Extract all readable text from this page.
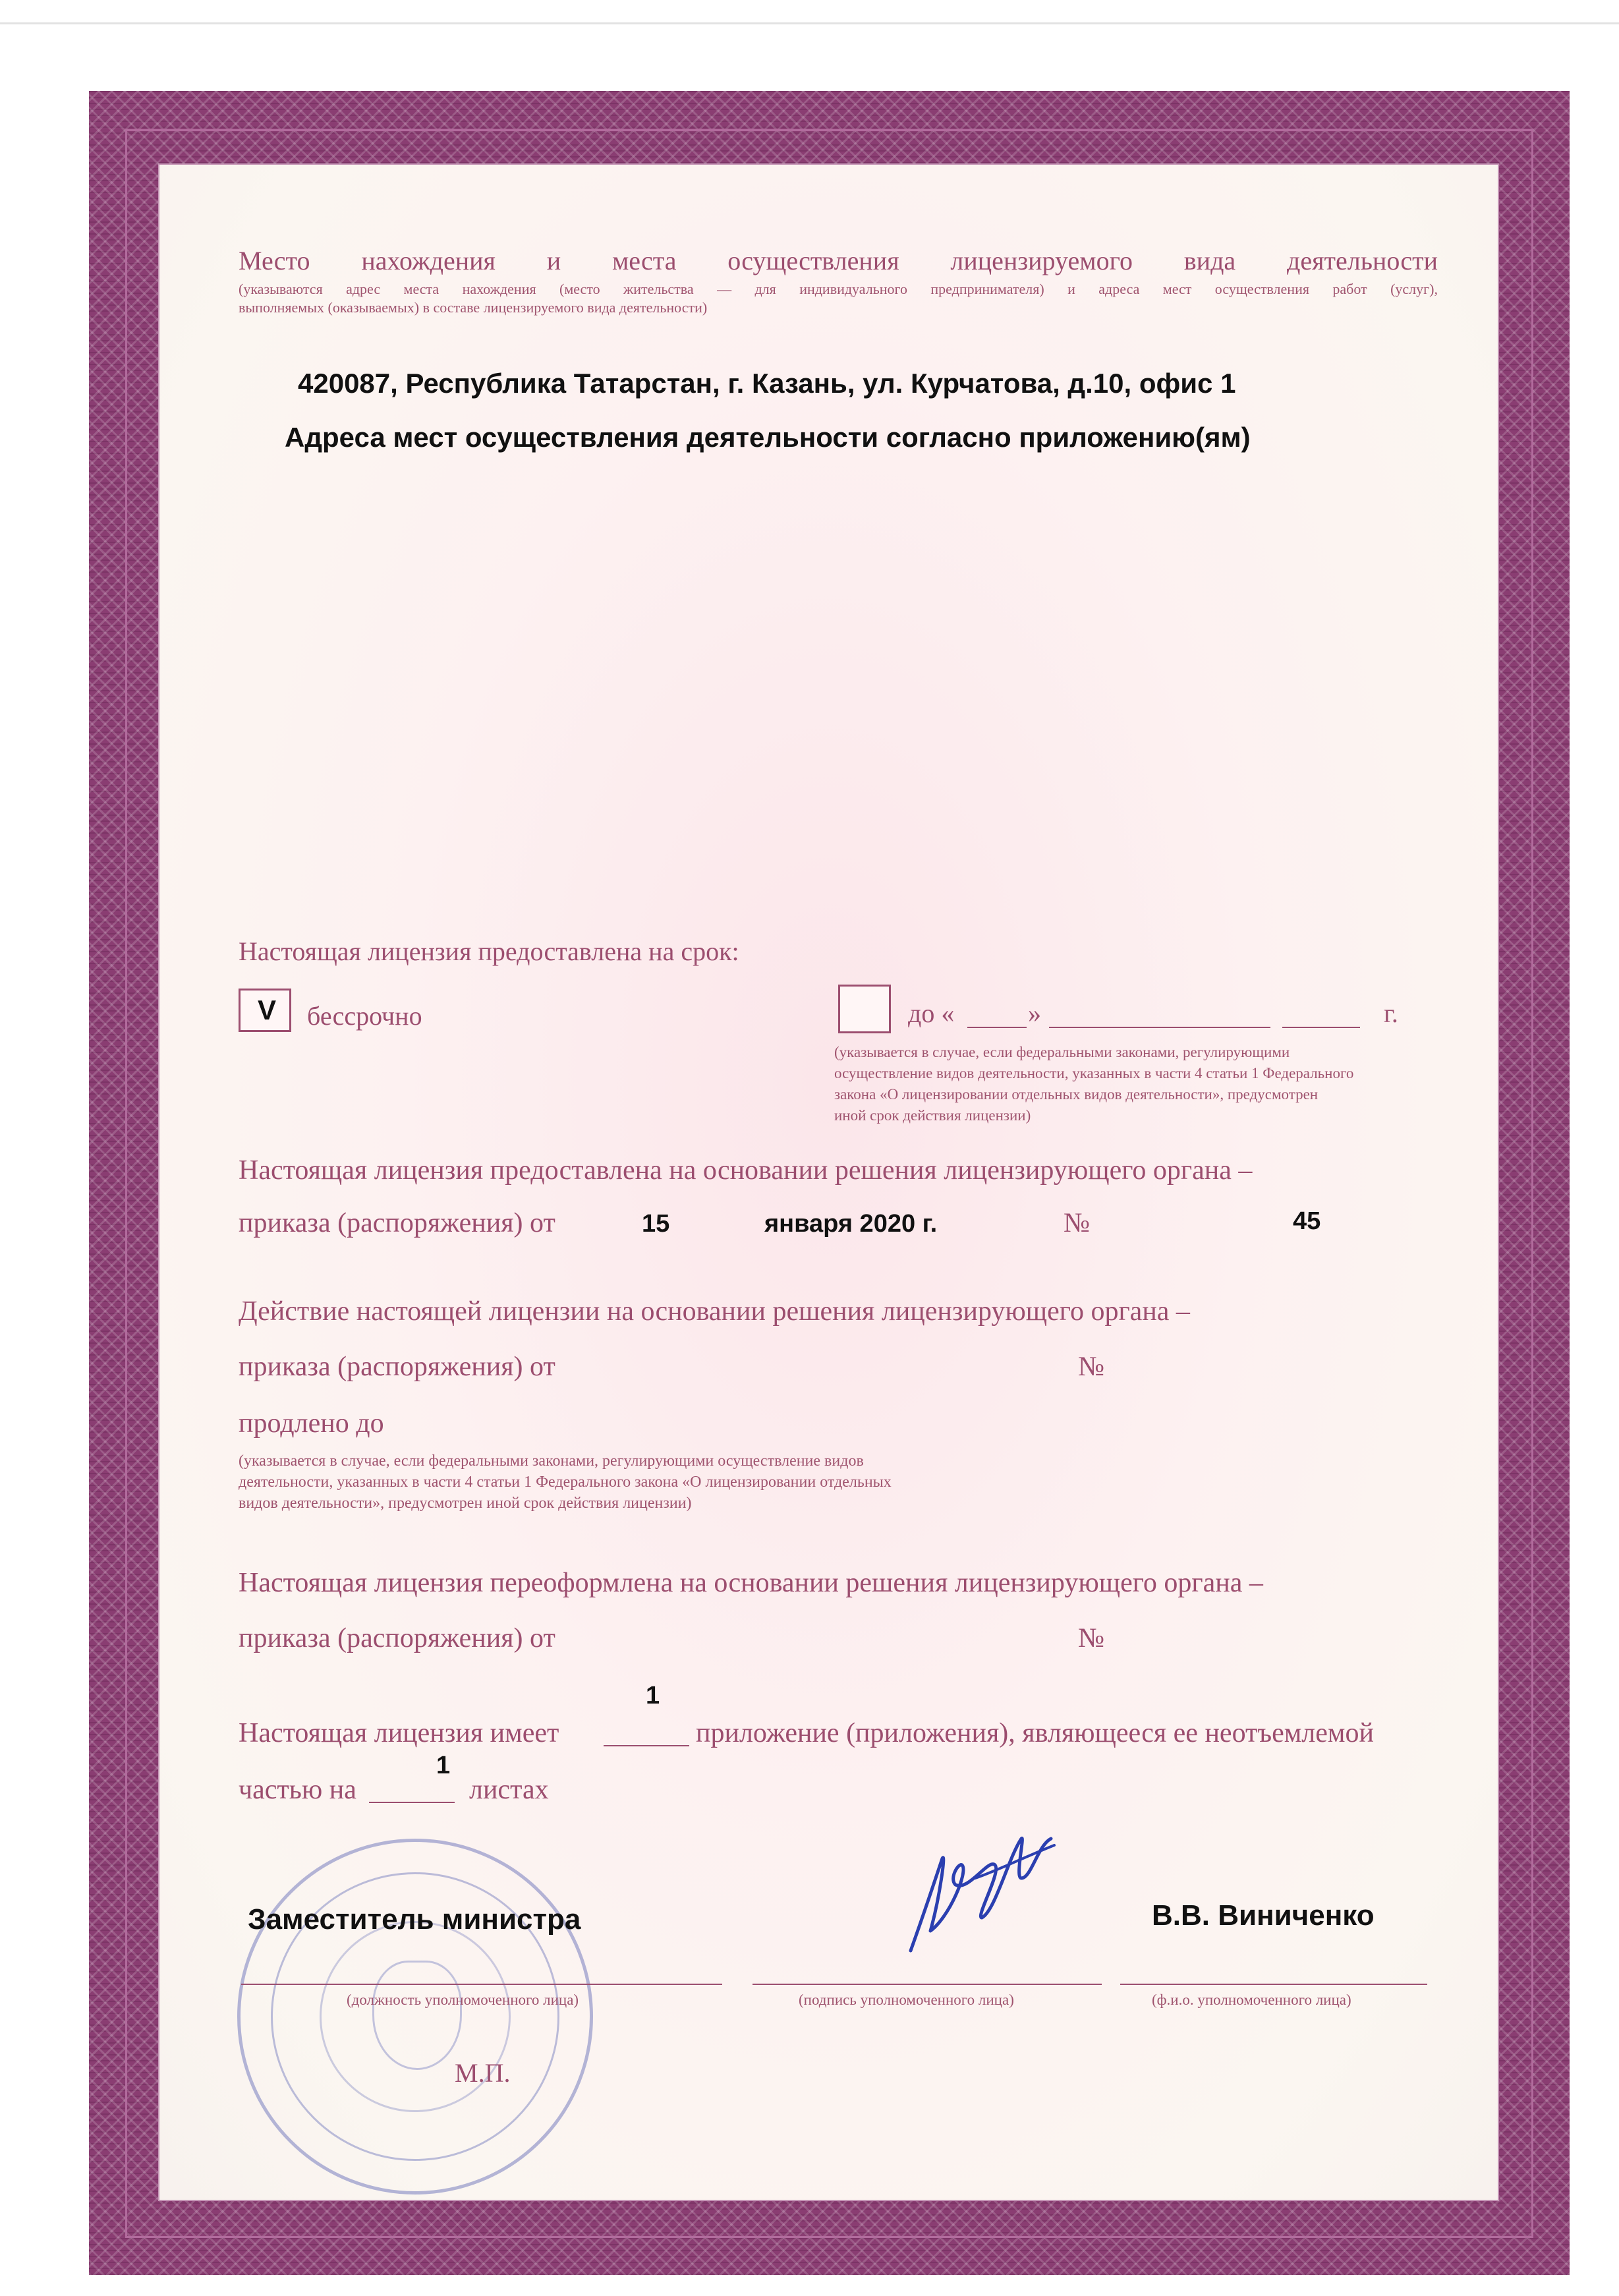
Место нахождения и места осуществления лицензируемого вида деятельности
(указываются адрес места нахождения (место жительства — для индивидуального предпринимателя) и адреса мест осуществления работ (услуг),
выполняемых (оказываемых) в составе лицензируемого вида деятельности)
420087, Республика Татарстан, г. Казань, ул. Курчатова, д.10, офис 1
Адреса мест осуществления деятельности согласно приложению(ям)
Настоящая лицензия предоставлена на срок:
V бессрочно	до «	»	г.
(указывается в случае, если федеральными законами, регулирующими
осуществление видов деятельности, указанных в части 4 статьи 1 Федерального
закона «О лицензировании отдельных видов деятельности», предусмотрен
иной срок действия лицензии)
Настоящая лицензия предоставлена на основании решения лицензирующего органа –
приказа (распоряжения) от	15	января 2020 г.	№	45
Действие настоящей лицензии на основании решения лицензирующего органа –
приказа (распоряжения) от	№
продлено до
(указывается в случае, если федеральными законами, регулирующими осуществление видов
деятельности, указанных в части 4 статьи 1 Федерального закона «О лицензировании отдельных
видов деятельности», предусмотрен иной срок действия лицензии)
Настоящая лицензия переоформлена на основании решения лицензирующего органа –
приказа (распоряжения) от	№
1
Настоящая лицензия имеет	приложение (приложения), являющееся ее неотъемлемой
1
частью на	листах
Заместитель министра	В.В. Виниченко
(должность уполномоченного лица)	(подпись уполномоченного лица)	(ф.и.о. уполномоченного лица)
М.П.
